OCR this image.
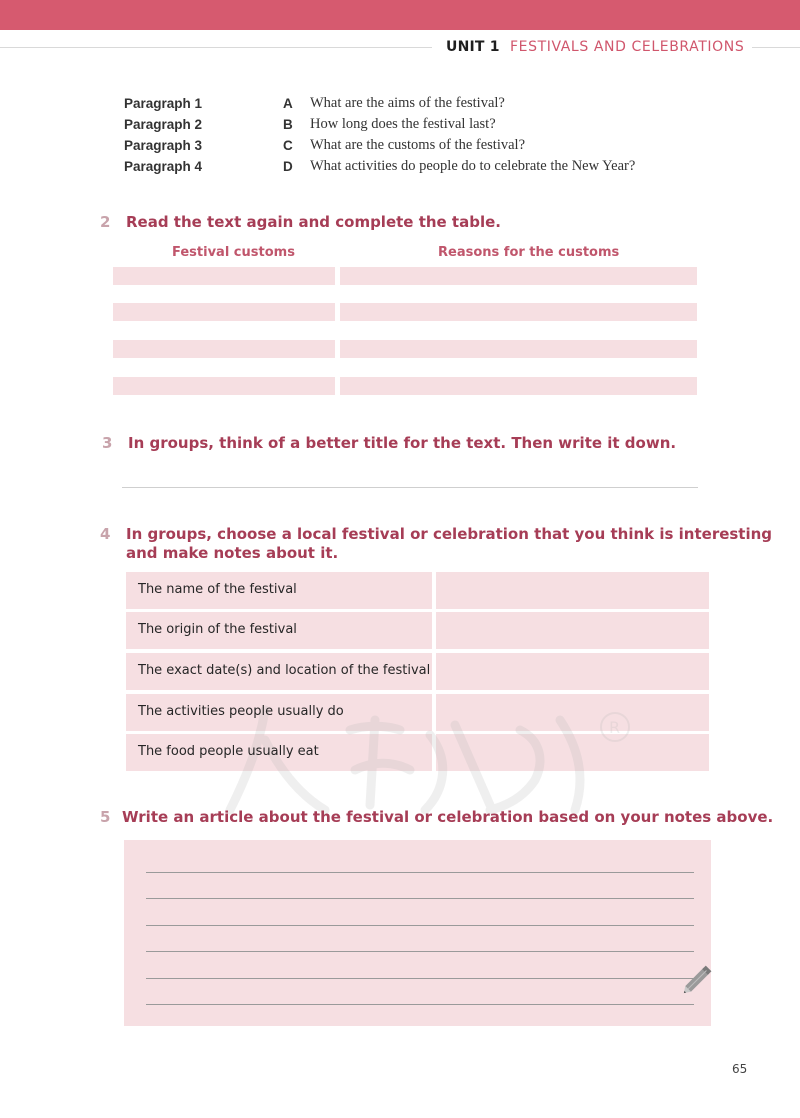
UNIT 1 FESTIVALS AND CELEBRATIONS
Paragraph 1	A What are the aims of the festival?
Paragraph 2	B How long does the festival last?
Paragraph 3	C What are the customs of the festival?
Paragraph 4	D What activities do people do to celebrate the New Year?
2 Read the text again and complete the table.
Festival customs	Reasons for the customs
3 In groups, think of a better title for the text. Then write it down.
4 In groups, choose a local festival or celebration that you think is interesting
and make notes about it.
R
The name of the festival
The origin of the festival
The exact date(s) and location of the festival
The activities people usually do
The food people usually eat
5 Write an article about the festival or celebration based on your notes above.
65
